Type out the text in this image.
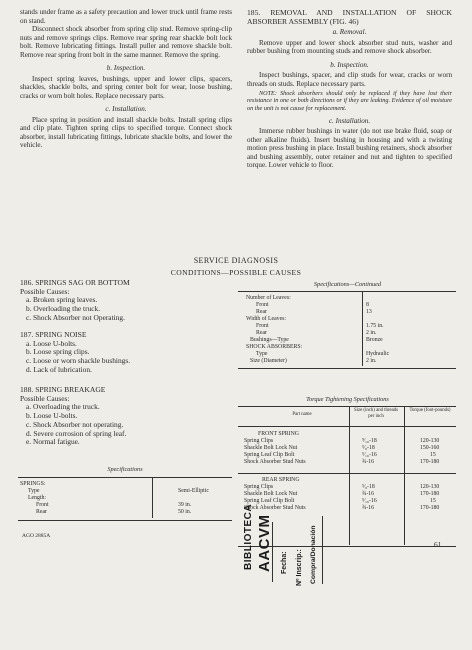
stands under frame as a safety precaution and lower truck until frame rests on stand.

Disconnect shock absorber from spring clip stud. Remove spring-clip nuts and remove springs clips. Remove rear spring rear shackle bolt lock bolt. Remove lubricating fittings. Install puller and remove shackle bolt. Remove rear spring front bolt in the same manner. Remove the spring.

b. Inspection.

Inspect spring leaves, bushings, upper and lower clips, spacers, shackles, shackle bolts, and spring center bolt for wear, loose bushing, cracks or worn bolt holes. Replace necessary parts.

c. Installation.

Place spring in position and install shackle bolts. Install spring clips and clip plate. Tighten spring clips to specified torque. Connect shock absorber, install lubricating fittings, lubricate shackle bolts, and lower the vehicle.

185. REMOVAL AND INSTALLATION OF SHOCK ABSORBER ASSEMBLY (FIG. 46)

a. Removal.

Remove upper and lower shock absorber stud nuts, washer and rubber bushing from mounting studs and remove shock absorber.

b. Inspection.

Inspect bushings, spacer, and clip studs for wear, cracks or worn threads on studs. Replace necessary parts.

NOTE: Shock absorbers should only be replaced if they have lost their resistance in one or both directions or if they are leaking. Evidence of oil moisture on the unit is not cause for replacement.

c. Installation.

Immerse rubber bushings in water (do not use brake fluid, soap or other alkaline fluids). Insert bushing in housing and with a twisting motion press bushing in place. Install bushing retainers, shock absorber and bushing assembly, outer retainer and nut and tighten to specified torque. Lower vehicle to floor.

SERVICE DIAGNOSIS
CONDITIONS—POSSIBLE CAUSES
186. SPRINGS SAG OR BOTTOM
Possible Causes:
a. Broken spring leaves.
b. Overloading the truck.
c. Shock Absorber not Operating.
187. SPRING NOISE
a. Loose U-bolts.
b. Loose spring clips.
c. Loose or worn shackle bushings.
d. Lack of lubrication.
188. SPRING BREAKAGE
Possible Causes:
a. Overloading the truck.
b. Loose U-bolts.
c. Shock Absorber not operating.
d. Severe corrosion of spring leaf.
e. Normal fatigue.
Specifications
SPRINGS:
Type	Semi-Elliptic
Length:
Front	39 in.
Rear	50 in.
Specifications—Continued
Number of Leaves:
Front	8
Rear	13
Width of Leaves:
Front	1.75 in.
Rear	2 in.
Bushings—Type	Bronze
SHOCK ABSORBERS:
Type	Hydraulic
Size (Diameter)	2 in.
Torque Tightening Specifications
Part name
Size (inch) and threads per inch
Torque (foot-pounds)
FRONT SPRING
Spring Clips	⁹⁄₁₆-18	120-130
Shackle Bolt Lock Nut	⁵⁄₈-18	150-160
Spring Leaf Clip Bolt	⁵⁄₁₆-16	15
Shock Absorber Stud Nuts	¾-16	170-180
REAR SPRING
Spring Clips	⁵⁄₈-18	120-130
Shackle Bolt Lock Nut	¾-16	170-180
Spring Leaf Clip Bolt	⁵⁄₁₆-16	15
Shock Absorber Stud Nuts	¾-16	170-180
AGO 2885A
61
BIBLIOTECA AACVM Fecha: Nº Inscrip.: Compra/Donación
